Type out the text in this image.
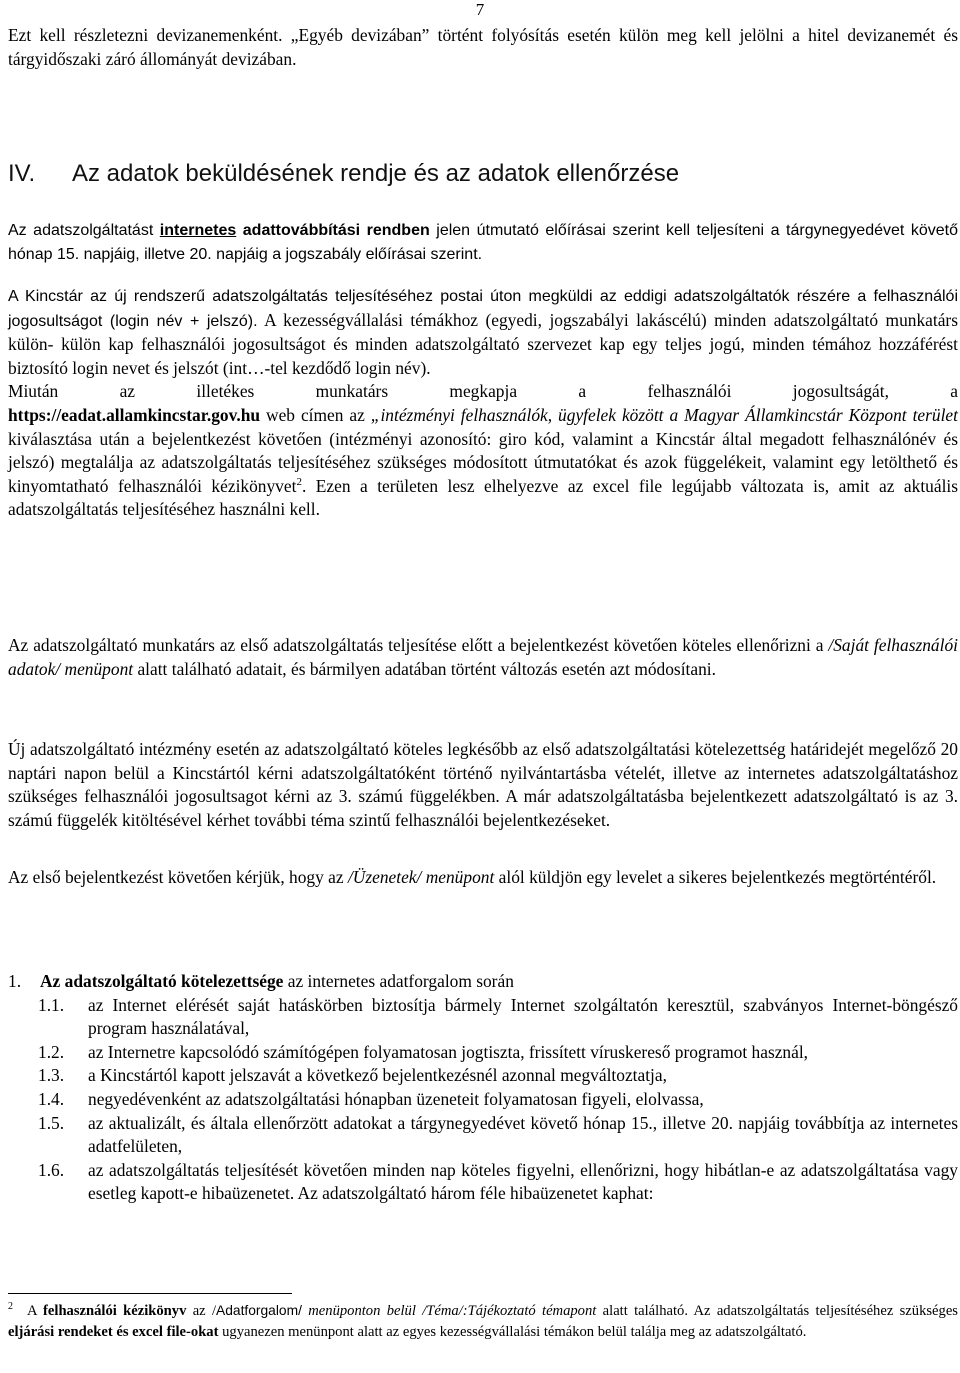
7

Ezt kell részletezni devizanemenként. „Egyéb devizában” történt folyósítás esetén külön meg kell jelölni a hitel devizanemét és tárgyidőszaki záró állományát devizában.

IV. Az adatok beküldésének rendje és az adatok ellenőrzése

Az adatszolgáltatást internetes adattovábbítási rendben jelen útmutató előírásai szerint kell teljesíteni a tárgynegyedévet követő hónap 15. napjáig, illetve 20. napjáig a jogszabály előírásai szerint.

A Kincstár az új rendszerű adatszolgáltatás teljesítéséhez postai úton megküldi az eddigi adatszolgáltatók részére a felhasználói jogosultságot (login név + jelszó). A kezességvállalási témákhoz (egyedi, jogszabályi lakáscélú) minden adatszolgáltató munkatárs külön- külön kap felhasználói jogosultságot és minden adatszolgáltató szervezet kap egy teljes jogú, minden témához hozzáférést biztosító login nevet és jelszót (int…-tel kezdődő login név).

Miután az illetékes munkatárs megkapja a felhasználói jogosultságát, a

https://eadat.allamkincstar.gov.hu web címen az „intézményi felhasználók, ügyfelek között a Magyar Államkincstár Központ terület kiválasztása után a bejelentkezést követően (intézményi azonosító: giro kód, valamint a Kincstár által megadott felhasználónév és jelszó) megtalálja az adatszolgáltatás teljesítéséhez szükséges módosított útmutatókat és azok függelékeit, valamint egy letölthető és kinyomtatható felhasználói kézikönyvet$^2$. Ezen a területen lesz elhelyezve az excel file legújabb változata is, amit az aktuális adatszolgáltatás teljesítéséhez használni kell.

Az adatszolgáltató munkatárs az első adatszolgáltatás teljesítése előtt a bejelentkezést követően köteles ellenőrizni a /Saját felhasználói adatok/ menüpont alatt található adatait, és bármilyen adatában történt változás esetén azt módosítani.

Új adatszolgáltató intézmény esetén az adatszolgáltató köteles legkésőbb az első adatszolgáltatási kötelezettség határidejét megelőző 20 naptári napon belül a Kincstártól kérni adatszolgáltatóként történő nyilvántartásba vételét, illetve az internetes adatszolgáltatáshoz szükséges felhasználói jogosultsagot kérni az 3. számú függelékben. A már adatszolgáltatásba bejelentkezett adatszolgáltató is az 3. számú függelék kitöltésével kérhet további téma szintű felhasználói bejelentkezéseket.

Az első bejelentkezést követően kérjük, hogy az /Üzenetek/ menüpont alól küldjön egy levelet a sikeres bejelentkezés megtörténtéről.

1.	Az adatszolgáltató kötelezettsége az internetes adatforgalom során
1.1.	az Internet elérését saját hatáskörben biztosítja bármely Internet szolgáltatón keresztül, szabványos Internet-böngésző program használatával,
1.2.	az Internetre kapcsolódó számítógépen folyamatosan jogtiszta, frissített víruskereső programot használ,
1.3.	a Kincstártól kapott jelszavát a következő bejelentkezésnél azonnal megváltoztatja,
1.4.	negyedévenként az adatszolgáltatási hónapban üzeneteit folyamatosan figyeli, elolvassa,
1.5.	az aktualizált, és általa ellenőrzött adatokat a tárgynegyedévet követő hónap 15., illetve 20. napjáig továbbítja az internetes adatfelületen,
1.6.	az adatszolgáltatás teljesítését követően minden nap köteles figyelni, ellenőrizni, hogy hibátlan-e az adatszolgáltatása vagy esetleg kapott-e hibaüzenetet. Az adatszolgáltató három féle hibaüzenetet kaphat:
$^2$ A felhasználói kézikönyv az /Adatforgalom/ menüponton belül /Téma/:Tájékoztató témapont alatt található. Az adatszolgáltatás teljesítéséhez szükséges eljárási rendeket és excel file-okat ugyanezen menünpont alatt az egyes kezességvállalási témákon belül találja meg az adatszolgáltató.
